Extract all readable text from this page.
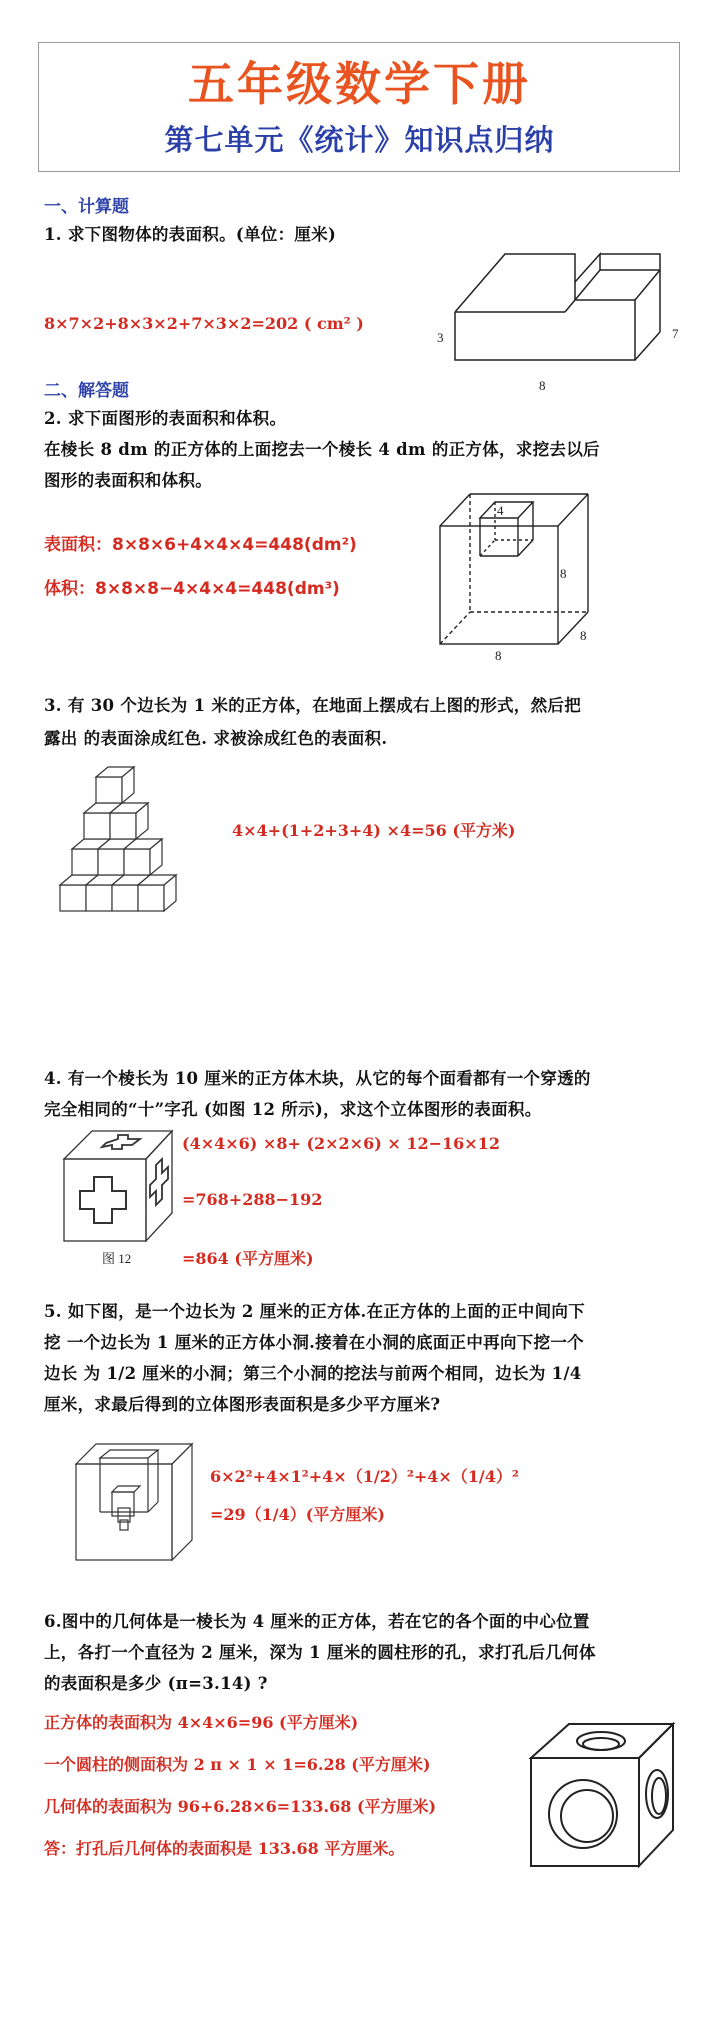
五年级数学下册
第七单元《统计》知识点归纳
一、计算题
1. 求下图物体的表面积。(单位：厘米)
8×7×2+8×3×2+7×3×2=202 ( cm² )
3	7
8
二、解答题
2. 求下面图形的表面积和体积。
在棱长 8 dm 的正方体的上面挖去一个棱长 4 dm 的正方体，求挖去以后
图形的表面积和体积。
表面积：8×8×6+4×4×4=448(dm²)
体积：8×8×8−4×4×4=448(dm³)
4
8
8
8
3. 有 30 个边长为 1 米的正方体，在地面上摆成右上图的形式，然后把
露出 的表面涂成红色. 求被涂成红色的表面积.
4×4+(1+2+3+4) ×4=56 (平方米)
4. 有一个棱长为 10 厘米的正方体木块，从它的每个面看都有一个穿透的
完全相同的“十”字孔 (如图 12 所示)，求这个立体图形的表面积。
(4×4×6) ×8+ (2×2×6) × 12−16×12
=768+288−192
=864 (平方厘米)
图 12
5. 如下图，是一个边长为 2 厘米的正方体.在正方体的上面的正中间向下
挖 一个边长为 1 厘米的正方体小洞.接着在小洞的底面正中再向下挖一个
边长 为 1/2 厘米的小洞；第三个小洞的挖法与前两个相同，边长为 1/4
厘米，求最后得到的立体图形表面积是多少平方厘米?
6×2²+4×1²+4×（1/2）²+4×（1/4）²
=29（1/4）(平方厘米)
6.图中的几何体是一棱长为 4 厘米的正方体，若在它的各个面的中心位置
上，各打一个直径为 2 厘米，深为 1 厘米的圆柱形的孔，求打孔后几何体
的表面积是多少 (π=3.14) ?
正方体的表面积为 4×4×6=96 (平方厘米)
一个圆柱的侧面积为 2 π × 1 × 1=6.28 (平方厘米)
几何体的表面积为 96+6.28×6=133.68 (平方厘米)
答：打孔后几何体的表面积是 133.68 平方厘米。
